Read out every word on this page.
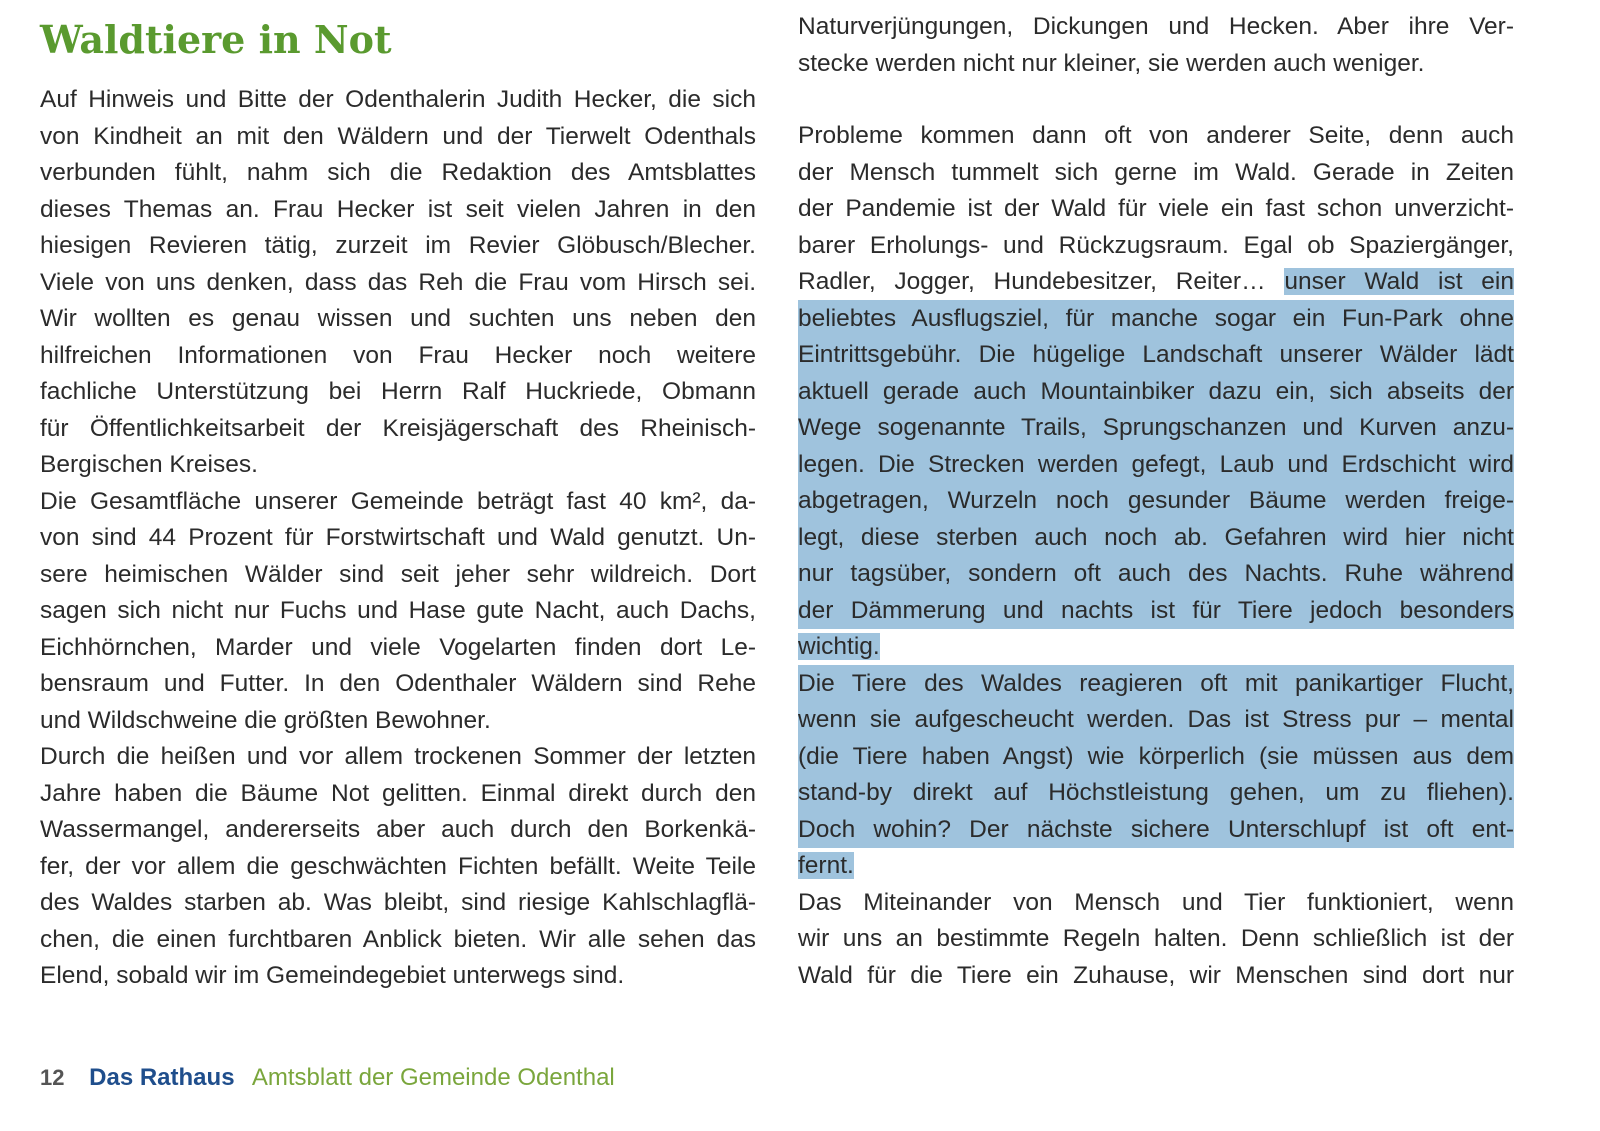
Waldtiere in Not
Auf Hinweis und Bitte der Odenthalerin Judith Hecker, die sich
von Kindheit an mit den Wäldern und der Tierwelt Odenthals
verbunden fühlt, nahm sich die Redaktion des Amtsblattes
dieses Themas an. Frau Hecker ist seit vielen Jahren in den
hiesigen Revieren tätig, zurzeit im Revier Glöbusch/Blecher.
Viele von uns denken, dass das Reh die Frau vom Hirsch sei.
Wir wollten es genau wissen und suchten uns neben den
hilfreichen Informationen von Frau Hecker noch weitere
fachliche Unterstützung bei Herrn Ralf Huckriede, Obmann
für Öffentlichkeitsarbeit der Kreisjägerschaft des Rheinisch-
Bergischen Kreises.
Die Gesamtfläche unserer Gemeinde beträgt fast 40 km², da-
von sind 44 Prozent für Forstwirtschaft und Wald genutzt. Un-
sere heimischen Wälder sind seit jeher sehr wildreich. Dort
sagen sich nicht nur Fuchs und Hase gute Nacht, auch Dachs,
Eichhörnchen, Marder und viele Vogelarten finden dort Le-
bensraum und Futter. In den Odenthaler Wäldern sind Rehe
und Wildschweine die größten Bewohner.
Durch die heißen und vor allem trockenen Sommer der letzten
Jahre haben die Bäume Not gelitten. Einmal direkt durch den
Wassermangel, andererseits aber auch durch den Borkenkä-
fer, der vor allem die geschwächten Fichten befällt. Weite Teile
des Waldes starben ab. Was bleibt, sind riesige Kahlschlagflä-
chen, die einen furchtbaren Anblick bieten. Wir alle sehen das
Elend, sobald wir im Gemeindegebiet unterwegs sind.
Naturverjüngungen, Dickungen und Hecken. Aber ihre Ver-
stecke werden nicht nur kleiner, sie werden auch weniger.
Probleme kommen dann oft von anderer Seite, denn auch
der Mensch tummelt sich gerne im Wald. Gerade in Zeiten
der Pandemie ist der Wald für viele ein fast schon unverzicht-
barer Erholungs- und Rückzugsraum. Egal ob Spaziergänger,
Radler, Jogger, Hundebesitzer, Reiter… unser Wald ist ein
beliebtes Ausflugsziel, für manche sogar ein Fun-Park ohne
Eintrittsgebühr. Die hügelige Landschaft unserer Wälder lädt
aktuell gerade auch Mountainbiker dazu ein, sich abseits der
Wege sogenannte Trails, Sprungschanzen und Kurven anzu-
legen. Die Strecken werden gefegt, Laub und Erdschicht wird
abgetragen, Wurzeln noch gesunder Bäume werden freige-
legt, diese sterben auch noch ab. Gefahren wird hier nicht
nur tagsüber, sondern oft auch des Nachts. Ruhe während
der Dämmerung und nachts ist für Tiere jedoch besonders
wichtig.
Die Tiere des Waldes reagieren oft mit panikartiger Flucht,
wenn sie aufgescheucht werden. Das ist Stress pur – mental
(die Tiere haben Angst) wie körperlich (sie müssen aus dem
stand-by direkt auf Höchstleistung gehen, um zu fliehen).
Doch wohin? Der nächste sichere Unterschlupf ist oft ent-
fernt.
Das Miteinander von Mensch und Tier funktioniert, wenn
wir uns an bestimmte Regeln halten. Denn schließlich ist der
Wald für die Tiere ein Zuhause, wir Menschen sind dort nur
12 Das Rathaus Amtsblatt der Gemeinde Odenthal
